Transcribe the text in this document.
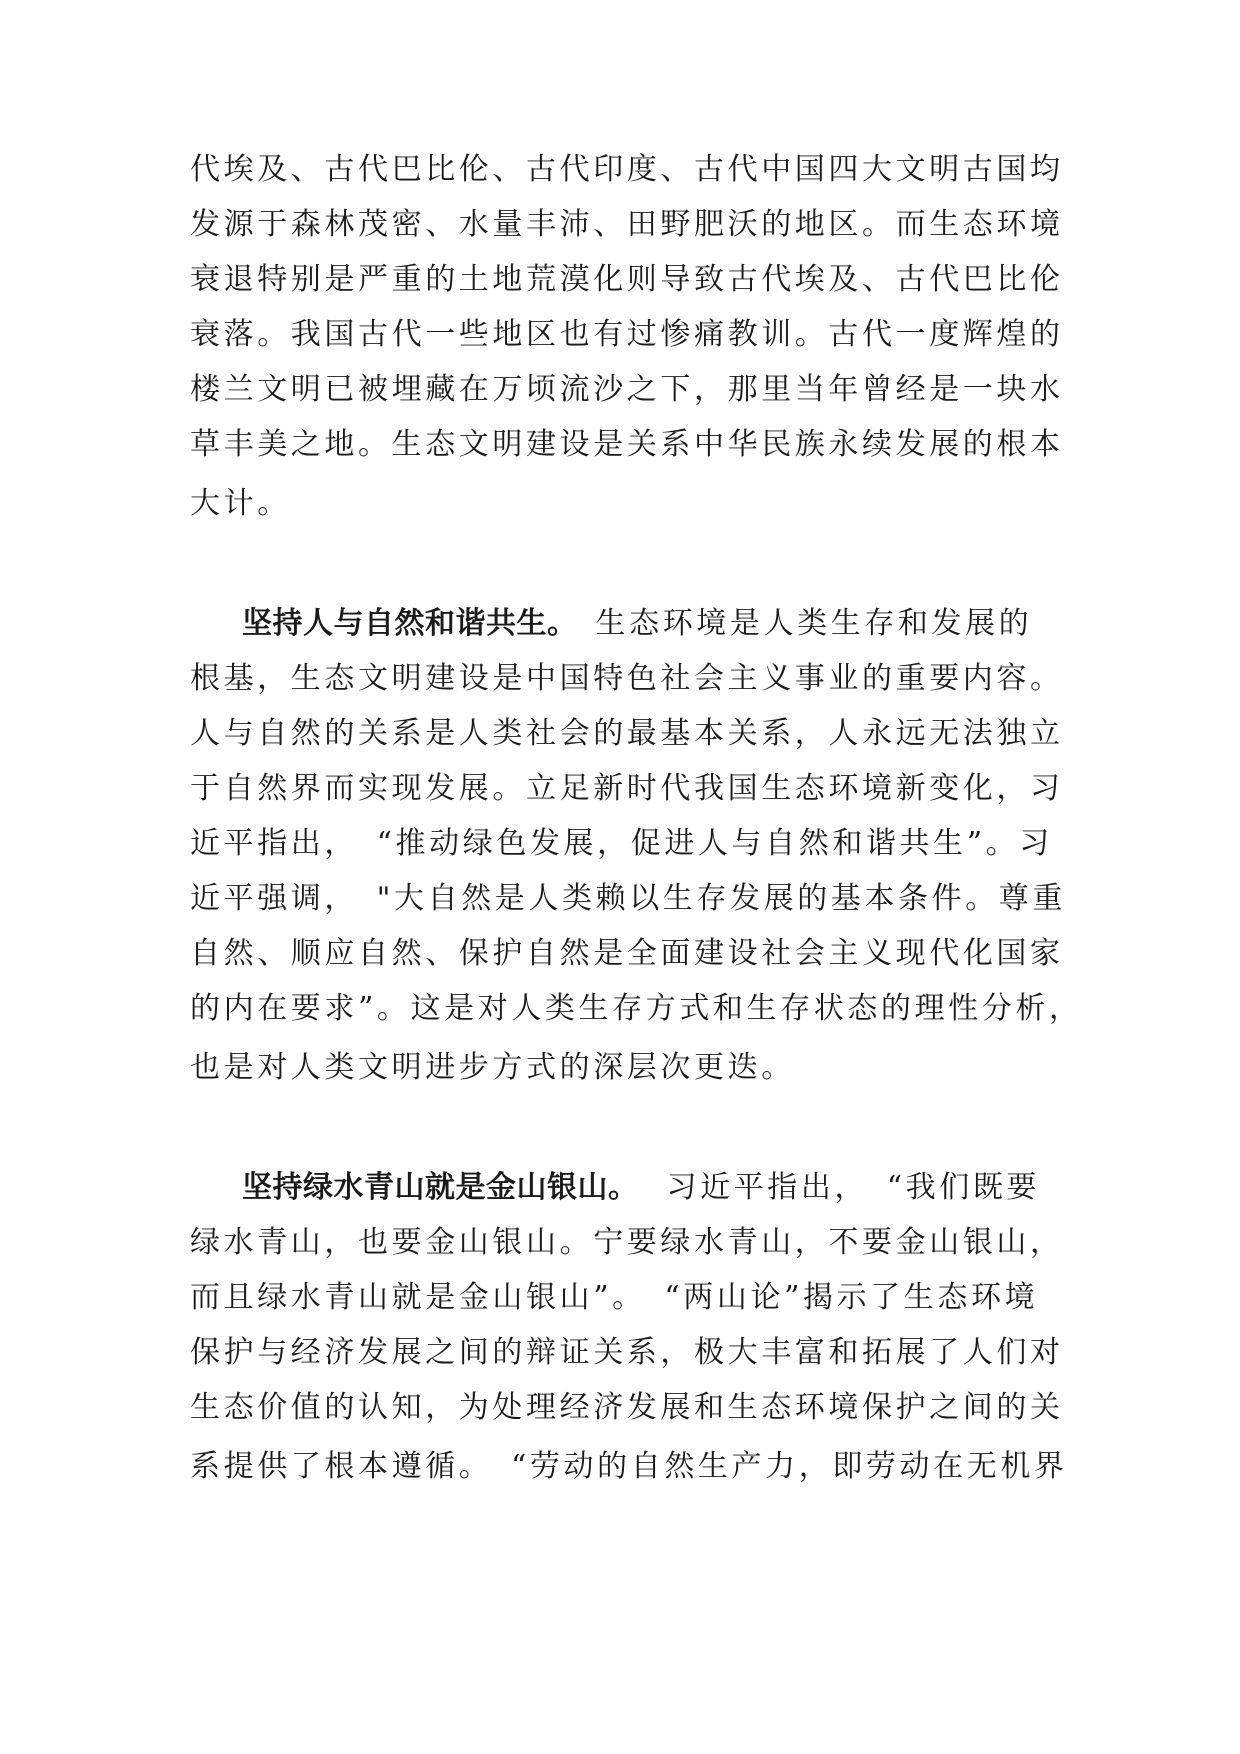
代埃及、古代巴比伦、古代印度、古代中国四大文明古国均
发源于森林茂密、水量丰沛、田野肥沃的地区。而生态环境
衰退特别是严重的土地荒漠化则导致古代埃及、古代巴比伦
衰落。我国古代一些地区也有过惨痛教训。古代一度辉煌的
楼兰文明已被埋藏在万顷流沙之下，那里当年曾经是一块水
草丰美之地。生态文明建设是关系中华民族永续发展的根本
大计。
坚持人与自然和谐共生。 生态环境是人类生存和发展的
根基，生态文明建设是中国特色社会主义事业的重要内容。
人与自然的关系是人类社会的最基本关系，人永远无法独立
于自然界而实现发展。立足新时代我国生态环境新变化，习
近平指出，　“推动绿色发展，促进人与自然和谐共生”。习
近平强调，　"大自然是人类赖以生存发展的基本条件。尊重
自然、顺应自然、保护自然是全面建设社会主义现代化国家
的内在要求”。这是对人类生存方式和生存状态的理性分析，
也是对人类文明进步方式的深层次更迭。
坚持绿水青山就是金山银山。 习近平指出，　“我们既要
绿水青山，也要金山银山。宁要绿水青山，不要金山银山，
而且绿水青山就是金山银山”。　“两山论”揭示了生态环境
保护与经济发展之间的辩证关系，极大丰富和拓展了人们对
生态价值的认知，为处理经济发展和生态环境保护之间的关
系提供了根本遵循。　“劳动的自然生产力，即劳动在无机界
